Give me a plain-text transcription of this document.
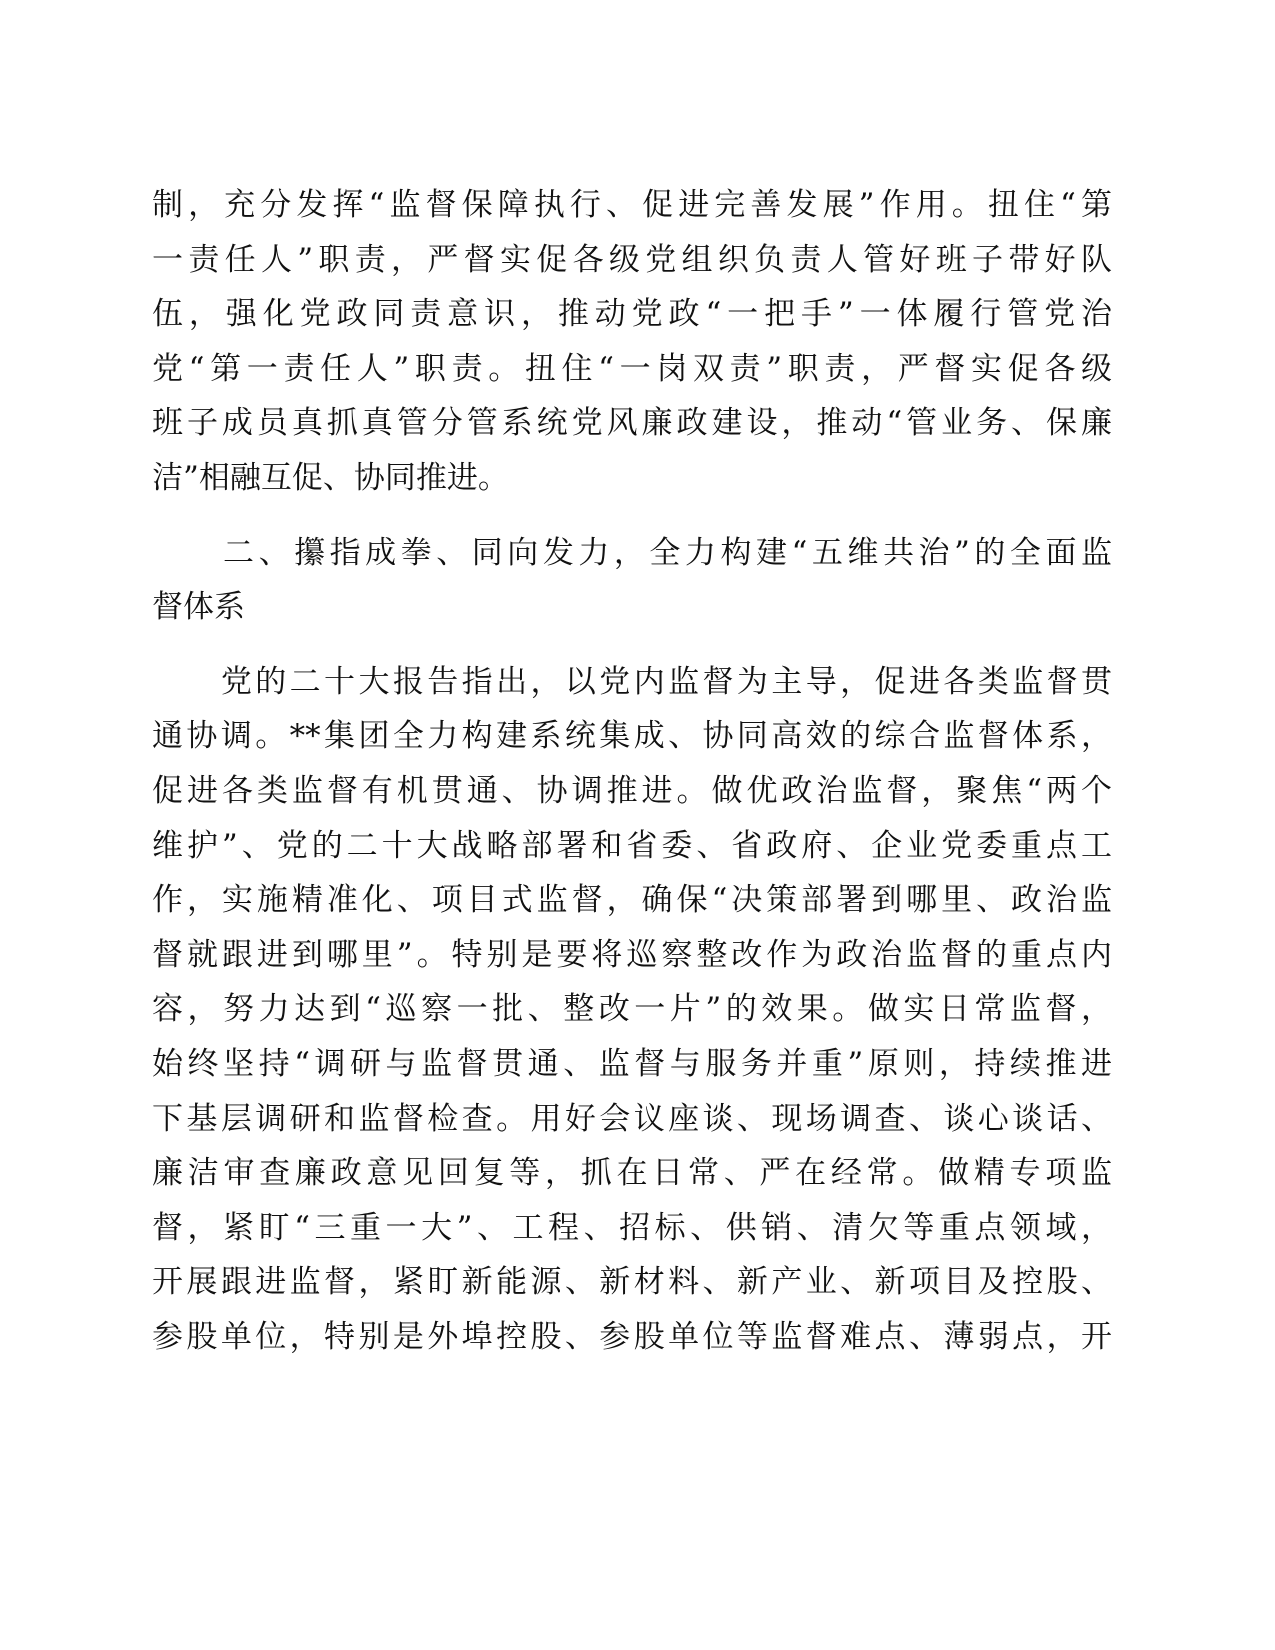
制，充分发挥“监督保障执行、促进完善发展”作用。扭住“第
一责任人”职责，严督实促各级党组织负责人管好班子带好队
伍，强化党政同责意识，推动党政“一把手”一体履行管党治
党“第一责任人”职责。扭住“一岗双责”职责，严督实促各级
班子成员真抓真管分管系统党风廉政建设，推动“管业务、保廉
洁”相融互促、协同推进。
　　二、攥指成拳、同向发力，全力构建“五维共治”的全面监
督体系
　　党的二十大报告指出，以党内监督为主导，促进各类监督贯
通协调。**集团全力构建系统集成、协同高效的综合监督体系，
促进各类监督有机贯通、协调推进。做优政治监督，聚焦“两个
维护”、党的二十大战略部署和省委、省政府、企业党委重点工
作，实施精准化、项目式监督，确保“决策部署到哪里、政治监
督就跟进到哪里”。特别是要将巡察整改作为政治监督的重点内
容，努力达到“巡察一批、整改一片”的效果。做实日常监督，
始终坚持“调研与监督贯通、监督与服务并重”原则，持续推进
下基层调研和监督检查。用好会议座谈、现场调查、谈心谈话、
廉洁审查廉政意见回复等，抓在日常、严在经常。做精专项监
督，紧盯“三重一大”、工程、招标、供销、清欠等重点领域，
开展跟进监督，紧盯新能源、新材料、新产业、新项目及控股、
参股单位，特别是外埠控股、参股单位等监督难点、薄弱点，开
